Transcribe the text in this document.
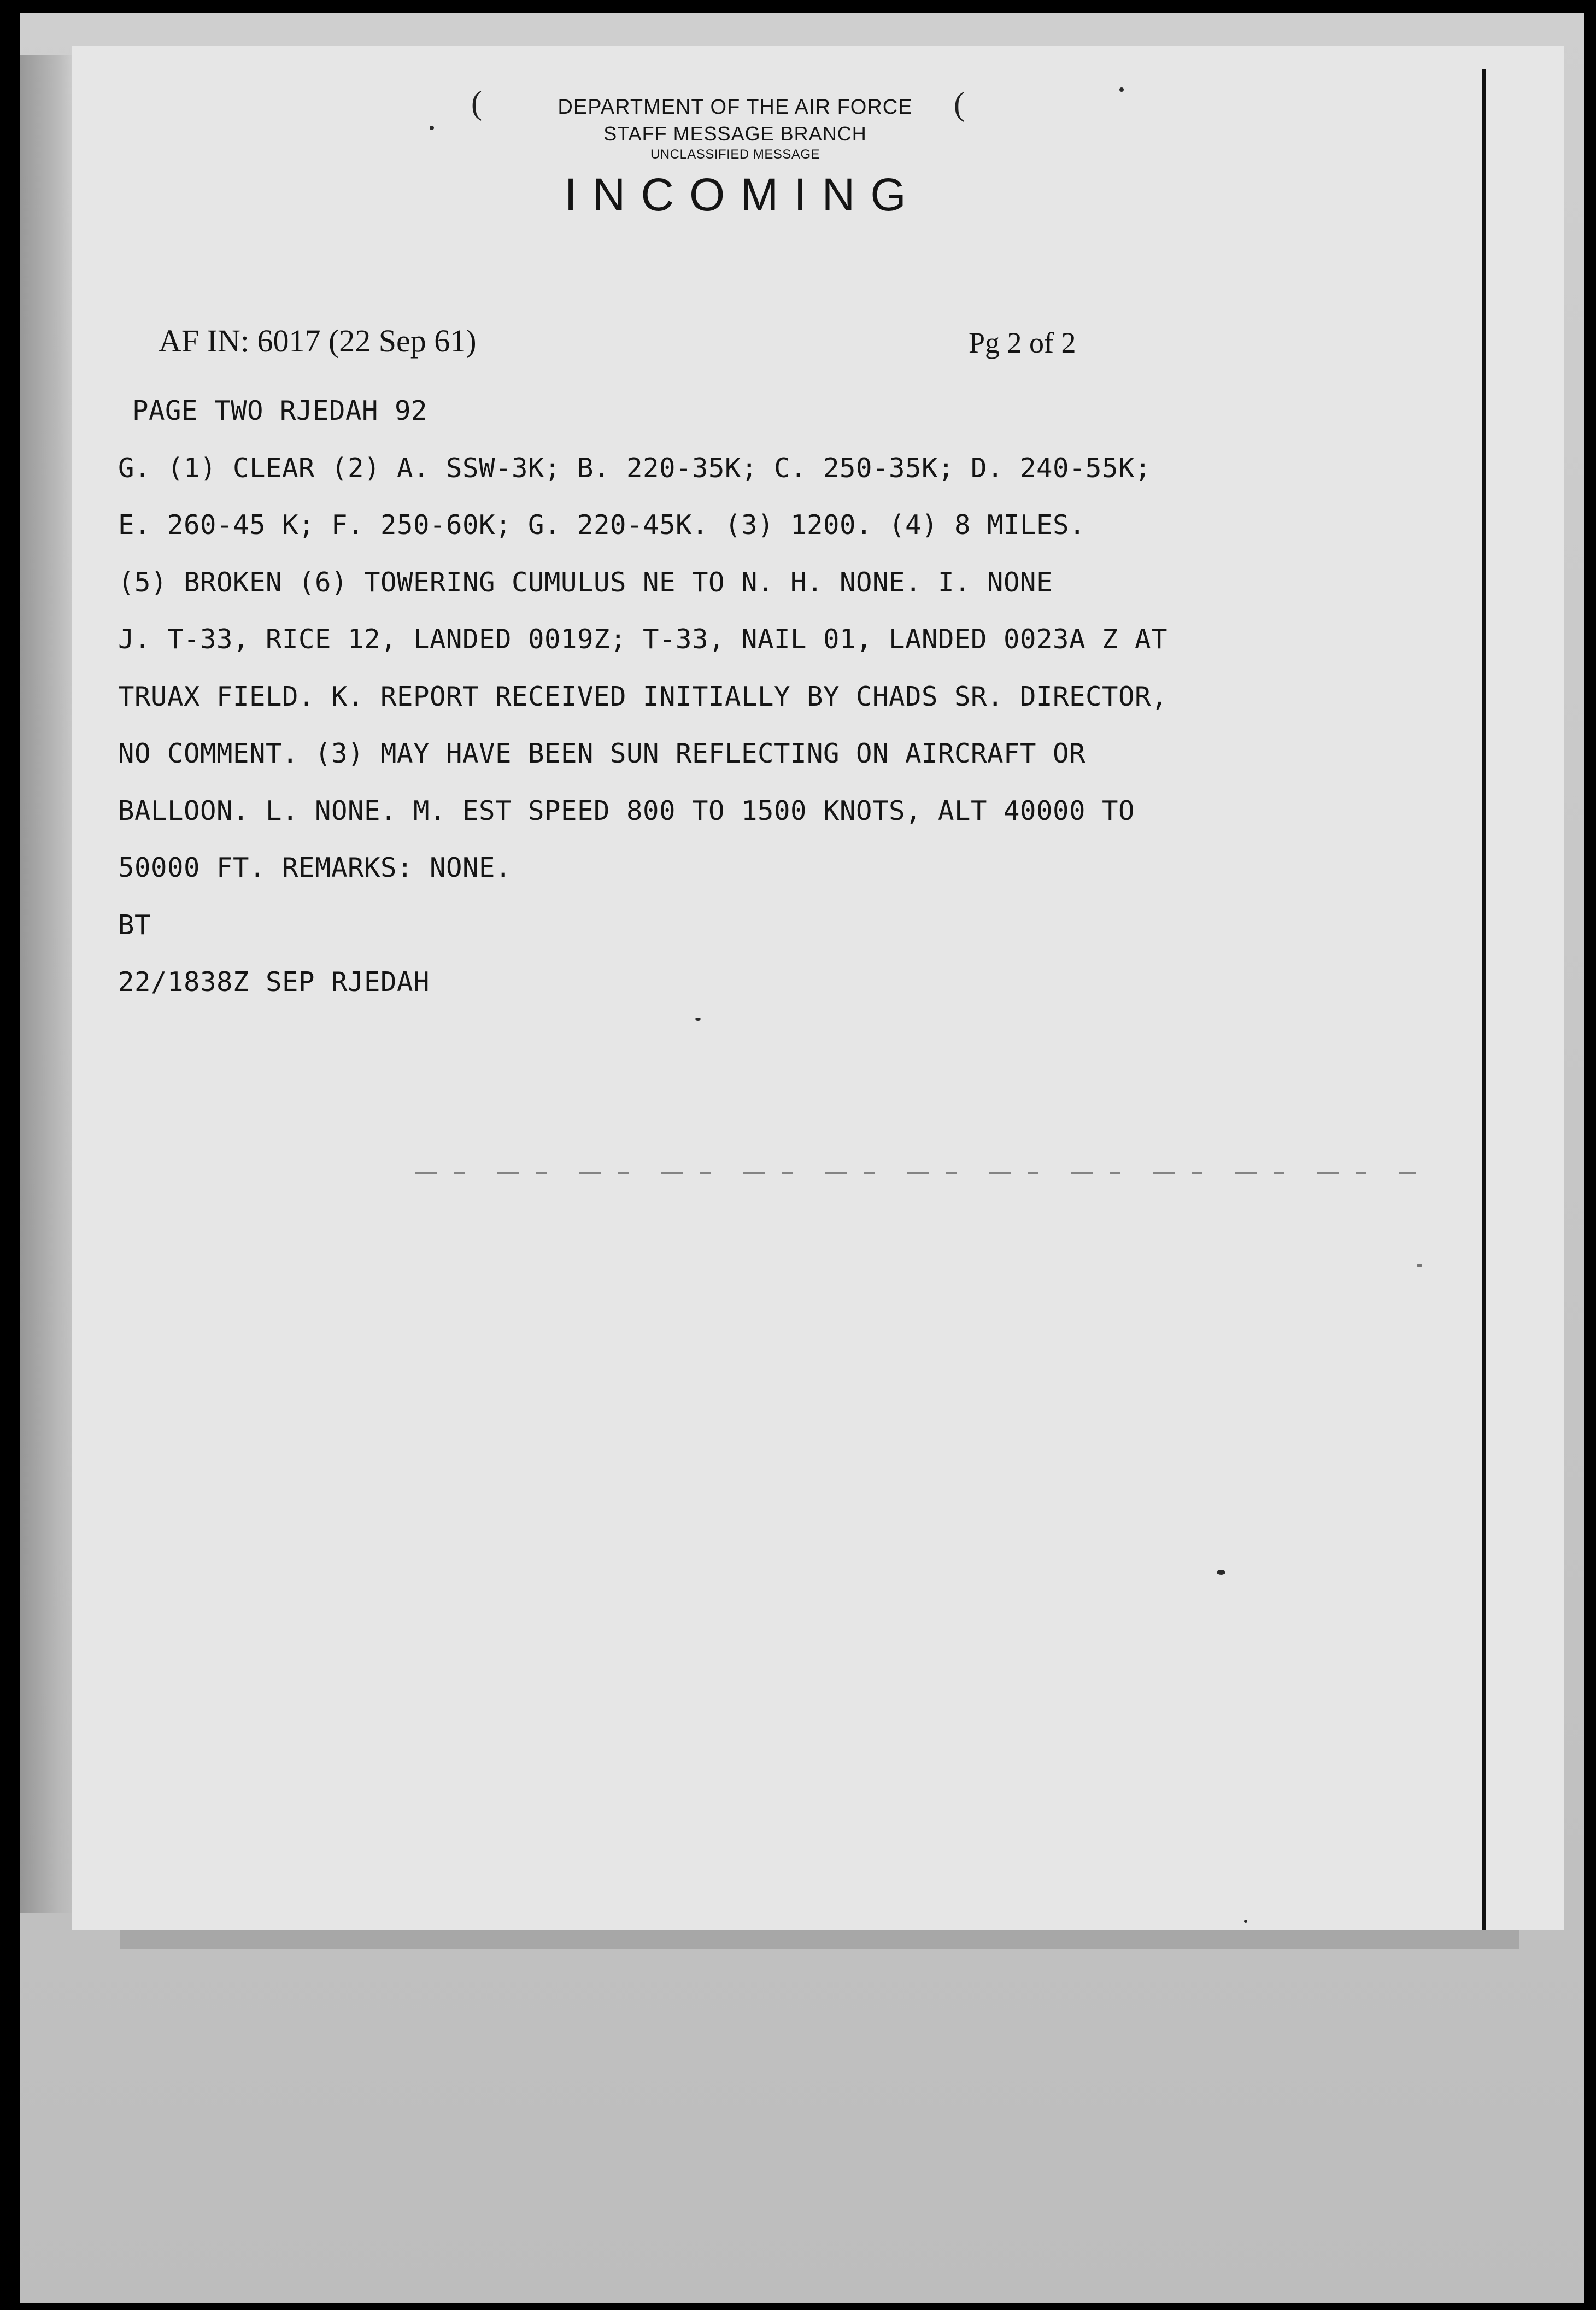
(	(
DEPARTMENT OF THE AIR FORCE
STAFF MESSAGE BRANCH
UNCLASSIFIED MESSAGE
INCOMING
AF IN: 6017 (22 Sep 61)	Pg 2 of 2
PAGE TWO RJEDAH 92
G. (1) CLEAR (2) A. SSW-3K; B. 220-35K; C. 250-35K; D. 240-55K;
E. 260-45 K; F. 250-60K; G. 220-45K. (3) 1200. (4) 8 MILES.
(5) BROKEN (6) TOWERING CUMULUS NE TO N. H. NONE. I. NONE
J. T-33, RICE 12, LANDED 0019Z; T-33, NAIL 01, LANDED 0023A Z AT
TRUAX FIELD. K. REPORT RECEIVED INITIALLY BY CHADS SR. DIRECTOR,
NO COMMENT. (3) MAY HAVE BEEN SUN REFLECTING ON AIRCRAFT OR
BALLOON. L. NONE. M. EST SPEED 800 TO 1500 KNOTS, ALT 40000 TO
50000 FT. REMARKS: NONE.
BT
22/1838Z SEP RJEDAH
